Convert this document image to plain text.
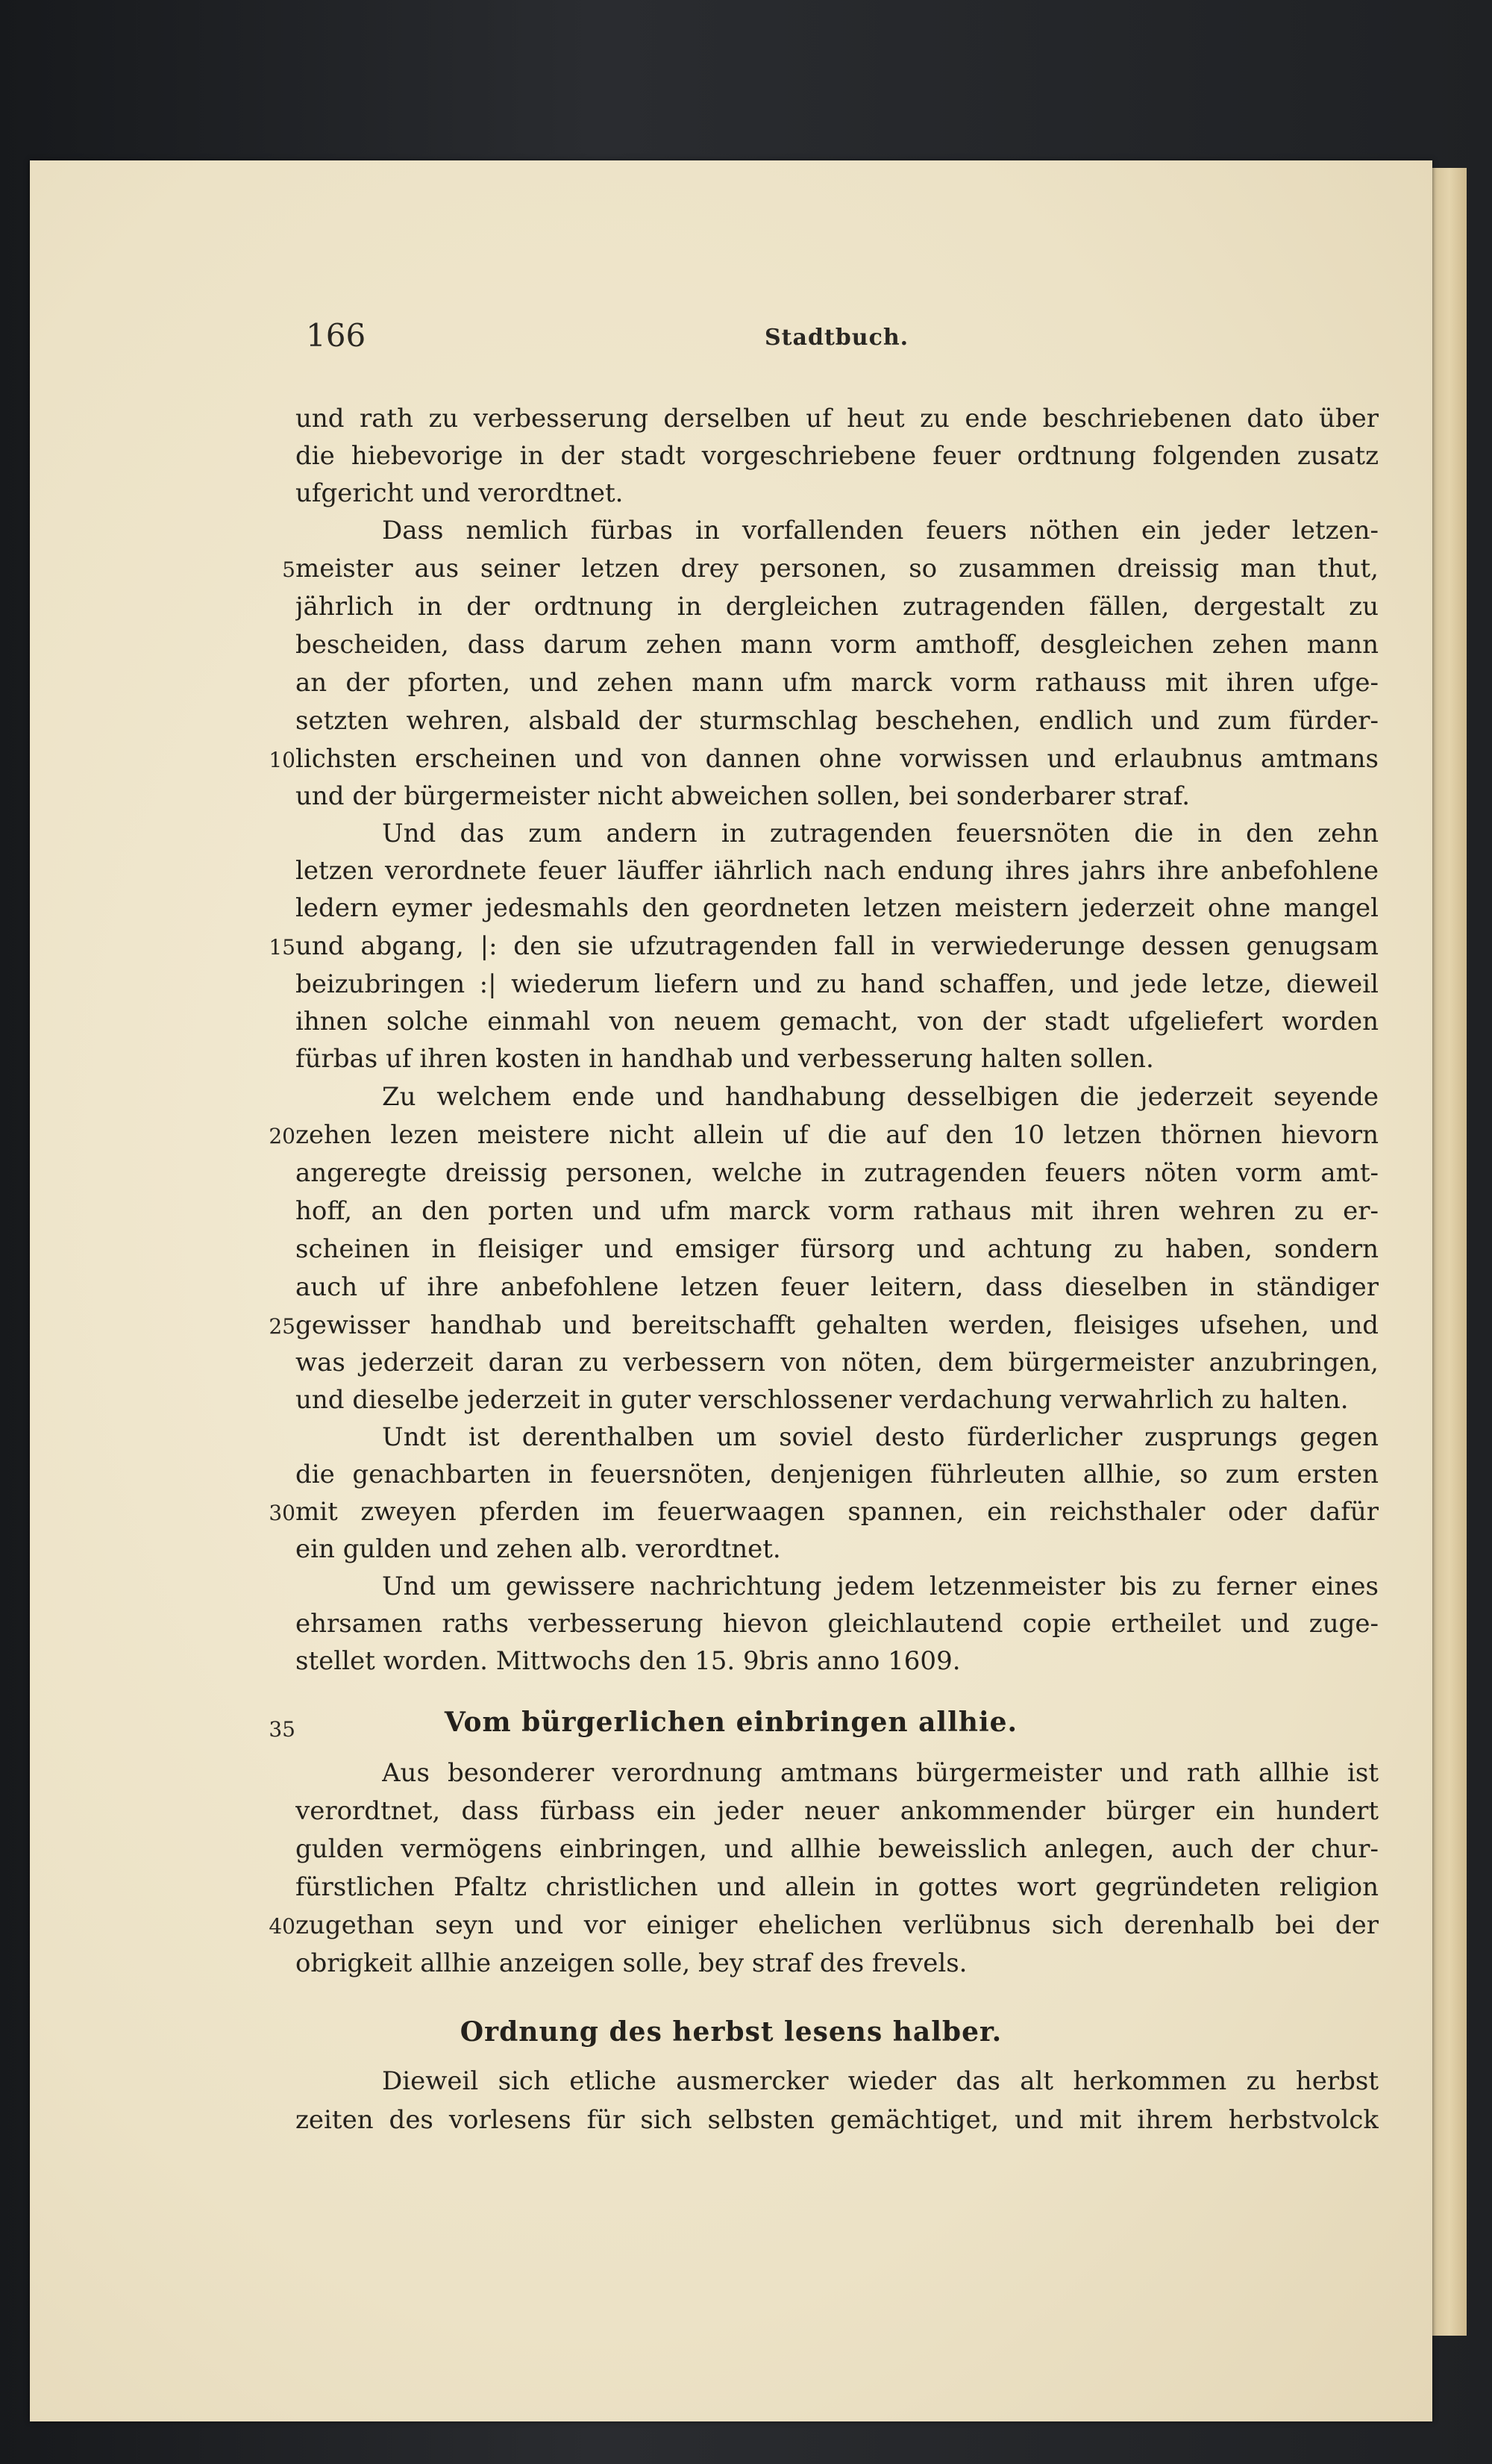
166	Stadtbuch.
und rath zu verbesserung derselben uf heut zu ende beschriebenen dato über
die hiebevorige in der stadt vorgeschriebene feuer ordtnung folgenden zusatz
ufgericht und verordtnet.
Dass nemlich fürbas in vorfallenden feuers nöthen ein jeder letzen-
5 meister aus seiner letzen drey personen, so zusammen dreissig man thut,
jährlich in der ordtnung in dergleichen zutragenden fällen, dergestalt zu
bescheiden, dass darum zehen mann vorm amthoff, desgleichen zehen mann
an der pforten, und zehen mann ufm marck vorm rathauss mit ihren ufge-
setzten wehren, alsbald der sturmschlag beschehen, endlich und zum fürder-
10 lichsten erscheinen und von dannen ohne vorwissen und erlaubnus amtmans
und der bürgermeister nicht abweichen sollen, bei sonderbarer straf.
Und das zum andern in zutragenden feuersnöten die in den zehn
letzen verordnete feuer läuffer iährlich nach endung ihres jahrs ihre anbefohlene
ledern eymer jedesmahls den geordneten letzen meistern jederzeit ohne mangel
15 und abgang, |: den sie ufzutragenden fall in verwiederunge dessen genugsam
beizubringen :| wiederum liefern und zu hand schaffen, und jede letze, dieweil
ihnen solche einmahl von neuem gemacht, von der stadt ufgeliefert worden
fürbas uf ihren kosten in handhab und verbesserung halten sollen.
Zu welchem ende und handhabung desselbigen die jederzeit seyende
20 zehen lezen meistere nicht allein uf die auf den 10 letzen thörnen hievorn
angeregte dreissig personen, welche in zutragenden feuers nöten vorm amt-
hoff, an den porten und ufm marck vorm rathaus mit ihren wehren zu er-
scheinen in fleisiger und emsiger fürsorg und achtung zu haben, sondern
auch uf ihre anbefohlene letzen feuer leitern, dass dieselben in ständiger
25 gewisser handhab und bereitschafft gehalten werden, fleisiges ufsehen, und
was jederzeit daran zu verbessern von nöten, dem bürgermeister anzubringen,
und dieselbe jederzeit in guter verschlossener verdachung verwahrlich zu halten.
Undt ist derenthalben um soviel desto fürderlicher zusprungs gegen
die genachbarten in feuersnöten, denjenigen führleuten allhie, so zum ersten
30 mit zweyen pferden im feuerwaagen spannen, ein reichsthaler oder dafür
ein gulden und zehen alb. verordtnet.
Und um gewissere nachrichtung jedem letzenmeister bis zu ferner eines
ehrsamen raths verbesserung hievon gleichlautend copie ertheilet und zuge-
stellet worden. Mittwochs den 15. 9bris anno 1609.
35	Vom bürgerlichen einbringen allhie.
Aus besonderer verordnung amtmans bürgermeister und rath allhie ist
verordtnet, dass fürbass ein jeder neuer ankommender bürger ein hundert
gulden vermögens einbringen, und allhie beweisslich anlegen, auch der chur-
fürstlichen Pfaltz christlichen und allein in gottes wort gegründeten religion
40 zugethan seyn und vor einiger ehelichen verlübnus sich derenhalb bei der
obrigkeit allhie anzeigen solle, bey straf des frevels.
Ordnung des herbst lesens halber.
Dieweil sich etliche ausmercker wieder das alt herkommen zu herbst
zeiten des vorlesens für sich selbsten gemächtiget, und mit ihrem herbstvolck
